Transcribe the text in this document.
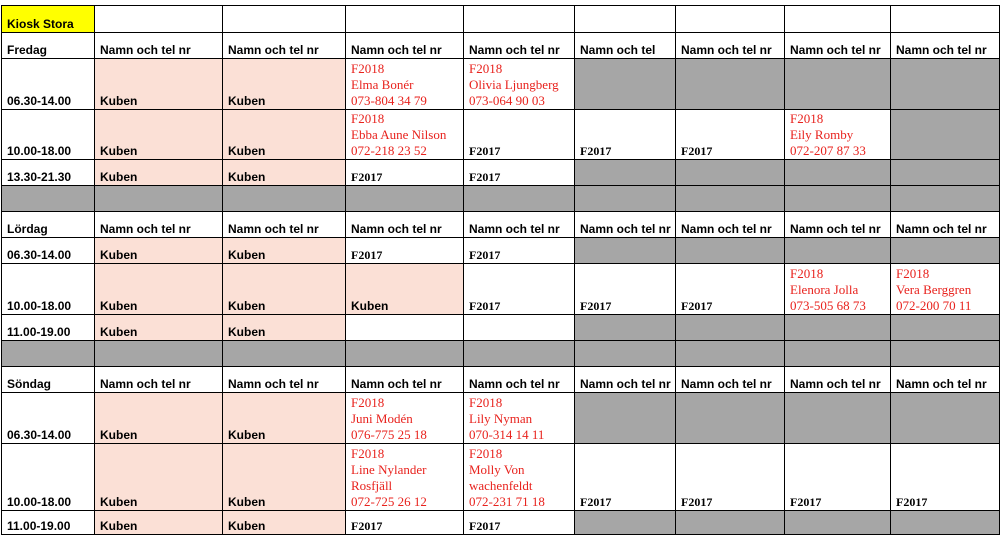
Kiosk Stora								
Fredag	Namn och tel nr	Namn och tel nr	Namn och tel nr	Namn och tel nr	Namn och tel	Namn och tel nr	Namn och tel nr	Namn och tel nr
06.30-14.00	Kuben	Kuben	F2018
Elma Bonér
073-804 34 79	F2018
Olivia Ljungberg
073-064 90 03				

10.00-18.00	Kuben	Kuben	F2018
Ebba Aune Nilson
072-218 23 52	F2017	F2017	F2017	F2018
Eily Romby
072-207 87 33	

13.30-21.30	Kuben	Kuben	F2017	F2017				

Lördag	Namn och tel nr	Namn och tel nr	Namn och tel nr	Namn och tel nr	Namn och tel nr	Namn och tel nr	Namn och tel nr	Namn och tel nr
06.30-14.00	Kuben	Kuben	F2017	F2017				
10.00-18.00	Kuben	Kuben	Kuben	F2017	F2017	F2017	F2018
Elenora Jolla
073-505 68 73	F2018
Vera Berggren
072-200 70 11

11.00-19.00	Kuben	Kuben						

Söndag	Namn och tel nr	Namn och tel nr	Namn och tel nr	Namn och tel nr	Namn och tel nr	Namn och tel nr	Namn och tel nr	Namn och tel nr
06.30-14.00	Kuben	Kuben	F2018
Juni Modén
076-775 25 18	F2018
Lily Nyman
070-314 14 11				

10.00-18.00	Kuben	Kuben	F2018
Line Nylander Rosfjäll
072-725 26 12	F2018
Molly Von wachenfeldt
072-231 71 18	F2017	F2017	F2017	F2017
11.00-19.00	Kuben	Kuben	F2017	F2017				
